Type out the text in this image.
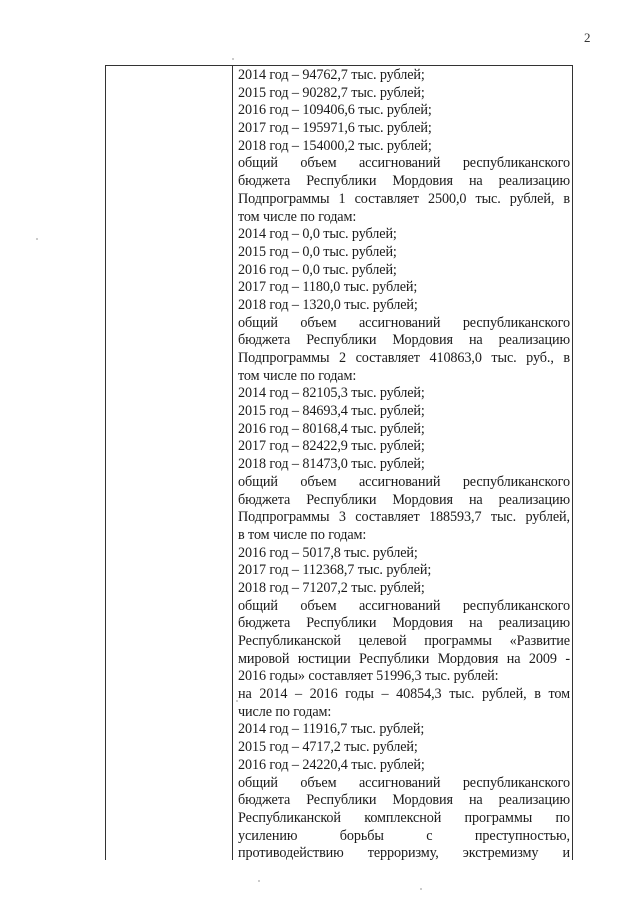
2
2014 год – 94762,7 тыс. рублей;
2015 год – 90282,7 тыс. рублей;
2016 год – 109406,6 тыс. рублей;
2017 год – 195971,6 тыс. рублей;
2018 год – 154000,2 тыс. рублей;
общий объем ассигнований республиканского
бюджета Республики Мордовия на реализацию
Подпрограммы 1 составляет 2500,0 тыс. рублей, в
том числе по годам:
2014 год – 0,0 тыс. рублей;
2015 год – 0,0 тыс. рублей;
2016 год – 0,0 тыс. рублей;
2017 год – 1180,0 тыс. рублей;
2018 год – 1320,0 тыс. рублей;
общий объем ассигнований республиканского
бюджета Республики Мордовия на реализацию
Подпрограммы 2 составляет 410863,0 тыс. руб., в
том числе по годам:
2014 год – 82105,3 тыс. рублей;
2015 год – 84693,4 тыс. рублей;
2016 год – 80168,4 тыс. рублей;
2017 год – 82422,9 тыс. рублей;
2018 год – 81473,0 тыс. рублей;
общий объем ассигнований республиканского
бюджета Республики Мордовия на реализацию
Подпрограммы 3 составляет 188593,7 тыс. рублей,
в том числе по годам:
2016 год – 5017,8 тыс. рублей;
2017 год – 112368,7 тыс. рублей;
2018 год – 71207,2 тыс. рублей;
общий объем ассигнований республиканского
бюджета Республики Мордовия на реализацию
Республиканской целевой программы «Развитие
мировой юстиции Республики Мордовия на 2009 -
2016 годы» составляет 51996,3 тыс. рублей:
на 2014 – 2016 годы – 40854,3 тыс. рублей, в том
числе по годам:
2014 год – 11916,7 тыс. рублей;
2015 год – 4717,2 тыс. рублей;
2016 год – 24220,4 тыс. рублей;
общий объем ассигнований республиканского
бюджета Республики Мордовия на реализацию
Республиканской комплексной программы по
усилению	борьбы	с	преступностью,
противодействию терроризму, экстремизму и
